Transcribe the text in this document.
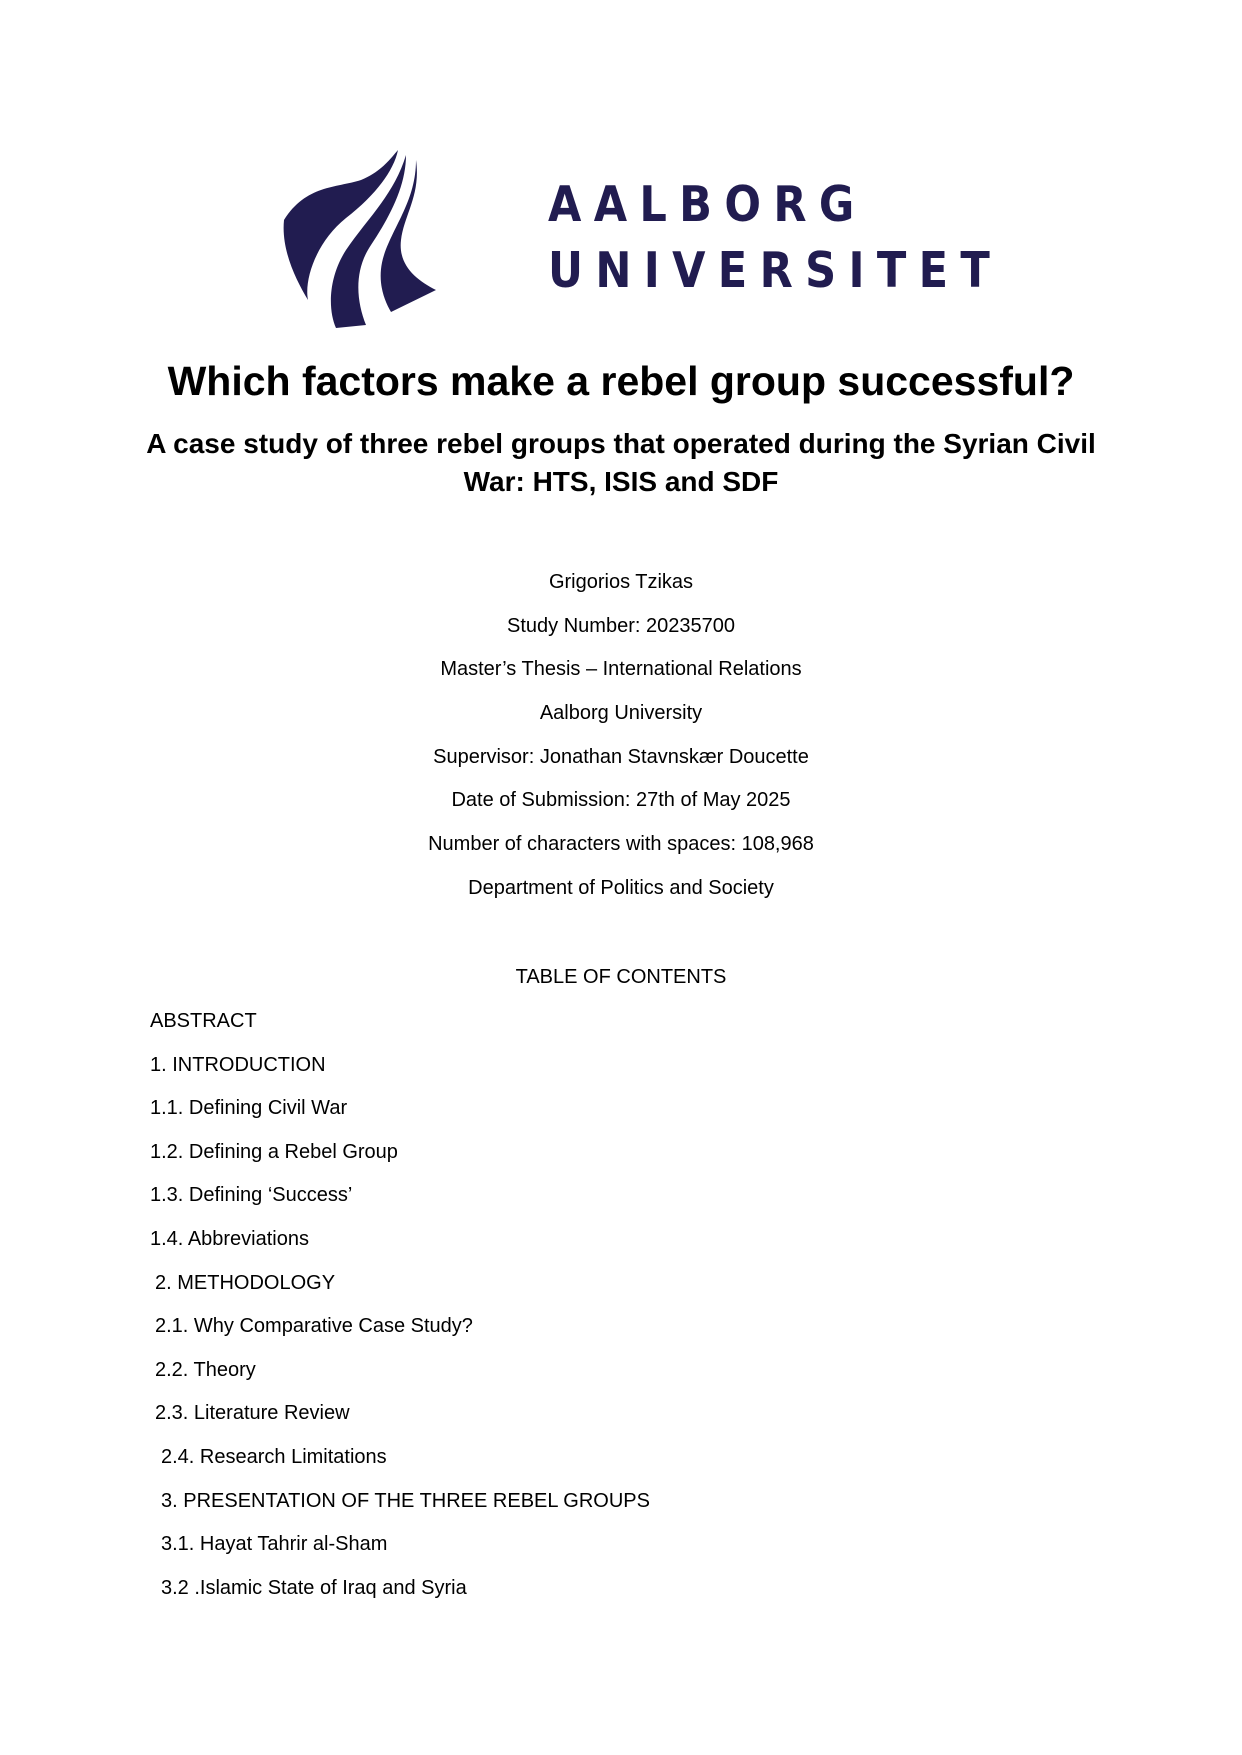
AALBORG
UNIVERSITET
Which factors make a rebel group successful?
A case study of three rebel groups that operated during the Syrian Civil War: HTS, ISIS and SDF
Grigorios Tzikas
Study Number: 20235700
Master’s Thesis – International Relations
Aalborg University
Supervisor: Jonathan Stavnskær Doucette
Date of Submission: 27th of May 2025
Number of characters with spaces: 108,968
Department of Politics and Society
TABLE OF CONTENTS
ABSTRACT
1. INTRODUCTION
1.1. Defining Civil War
1.2. Defining a Rebel Group
1.3. Defining ‘Success’
1.4. Abbreviations
2. METHODOLOGY
2.1. Why Comparative Case Study?
2.2. Theory
2.3. Literature Review
2.4. Research Limitations
3. PRESENTATION OF THE THREE REBEL GROUPS
3.1. Hayat Tahrir al-Sham
3.2 .Islamic State of Iraq and Syria
